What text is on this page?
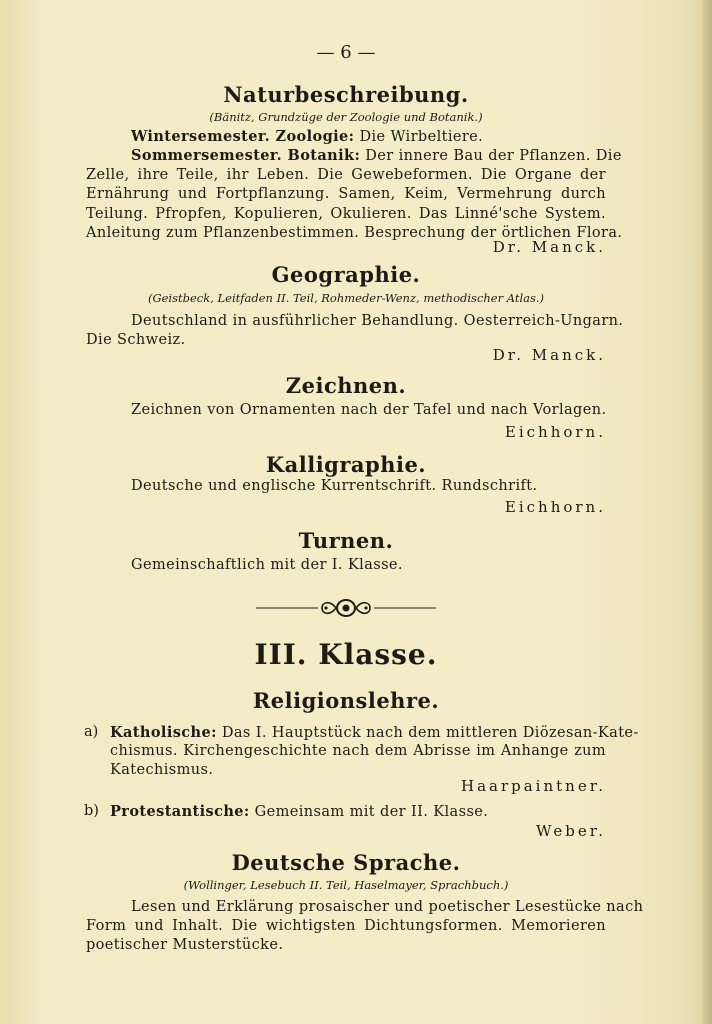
— 6 —
Naturbeschreibung.
(Bänitz, Grundzüge der Zoologie und Botanik.)
Wintersemester. Zoologie: Die Wirbeltiere.
Sommersemester. Botanik: Der innere Bau der Pflanzen. Die
Zelle, ihre Teile, ihr Leben. Die Gewebeformen. Die Organe der
Ernährung und Fortpflanzung. Samen, Keim, Vermehrung durch
Teilung. Pfropfen, Kopulieren, Okulieren. Das Linné'sche System.
Anleitung zum Pflanzenbestimmen. Besprechung der örtlichen Flora.
Dr. Manck.
Geographie.
(Geistbeck, Leitfaden II. Teil, Rohmeder-Wenz, methodischer Atlas.)
Deutschland in ausführlicher Behandlung. Oesterreich-Ungarn.
Die Schweiz.
Dr. Manck.
Zeichnen.
Zeichnen von Ornamenten nach der Tafel und nach Vorlagen.
Eichhorn.
Kalligraphie.
Deutsche und englische Kurrentschrift. Rundschrift.
Eichhorn.
Turnen.
Gemeinschaftlich mit der I. Klasse.
III. Klasse.
Religionslehre.
a) Katholische: Das I. Hauptstück nach dem mittleren Diözesan-Kate-
chismus. Kirchengeschichte nach dem Abrisse im Anhange zum
Katechismus.
Haarpaintner.
b) Protestantische: Gemeinsam mit der II. Klasse.
Weber.
Deutsche Sprache.
(Wollinger, Lesebuch II. Teil, Haselmayer, Sprachbuch.)
Lesen und Erklärung prosaischer und poetischer Lesestücke nach
Form und Inhalt. Die wichtigsten Dichtungsformen. Memorieren
poetischer Musterstücke.
